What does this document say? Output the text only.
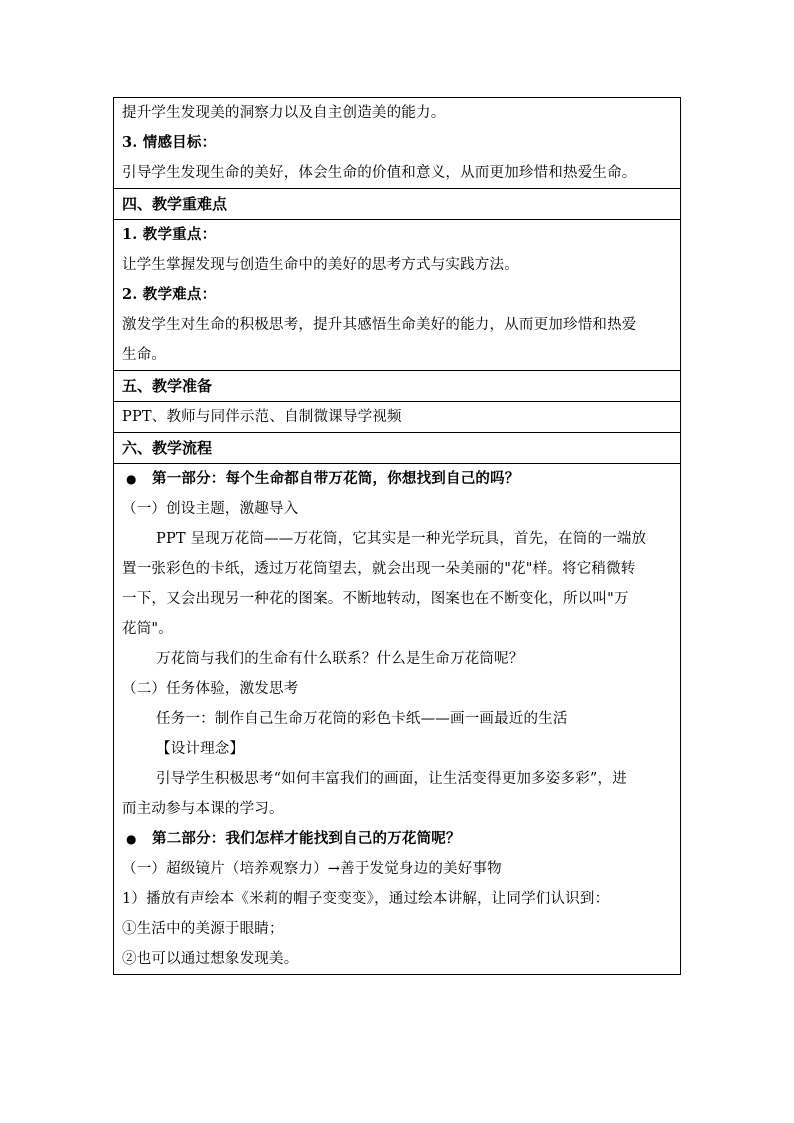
提升学生发现美的洞察力以及自主创造美的能力。
3. 情感目标：
引导学生发现生命的美好，体会生命的价值和意义，从而更加珍惜和热爱生命。
四、教学重难点
1. 教学重点：
让学生掌握发现与创造生命中的美好的思考方式与实践方法。
2. 教学难点：
激发学生对生命的积极思考，提升其感悟生命美好的能力，从而更加珍惜和热爱
生命。
五、教学准备
PPT、教师与同伴示范、自制微课导学视频
六、教学流程
● 第一部分：每个生命都自带万花筒，你想找到自己的吗？
（一）创设主题，激趣导入
PPT 呈现万花筒——万花筒，它其实是一种光学玩具，首先，在筒的一端放
置一张彩色的卡纸，透过万花筒望去，就会出现一朵美丽的"花"样。将它稍微转
一下，又会出现另一种花的图案。不断地转动，图案也在不断变化，所以叫"万
花筒"。
万花筒与我们的生命有什么联系？什么是生命万花筒呢？
（二）任务体验，激发思考
任务一：制作自己生命万花筒的彩色卡纸——画一画最近的生活
【设计理念】
引导学生积极思考“如何丰富我们的画面，让生活变得更加多姿多彩”，进
而主动参与本课的学习。
● 第二部分：我们怎样才能找到自己的万花筒呢？
（一）超级镜片（培养观察力）→善于发觉身边的美好事物
1）播放有声绘本《米莉的帽子变变变》，通过绘本讲解，让同学们认识到：
①生活中的美源于眼睛；
②也可以通过想象发现美。
